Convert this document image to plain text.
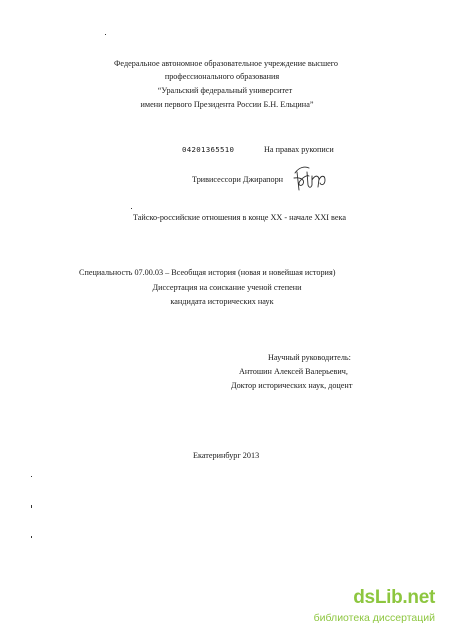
Федеральное автономное образовательное учреждение высшего
профессионального образования
“Уральский федеральный университет
имени первого Президента России Б.Н. Ельцина”
04201365510	На правах рукописи
Тривисессори Джирапорн
Тайско-российские отношения в конце XX - начале XXI века
Специальность 07.00.03 – Всеобщая история (новая и новейшая история)
Диссертация на соискание ученой степени
кандидата исторических наук
Научный руководитель:
Антошин Алексей Валерьевич,
Доктор исторических наук, доцент
Екатеринбург 2013
dsLib.net
библиотека диссертаций
